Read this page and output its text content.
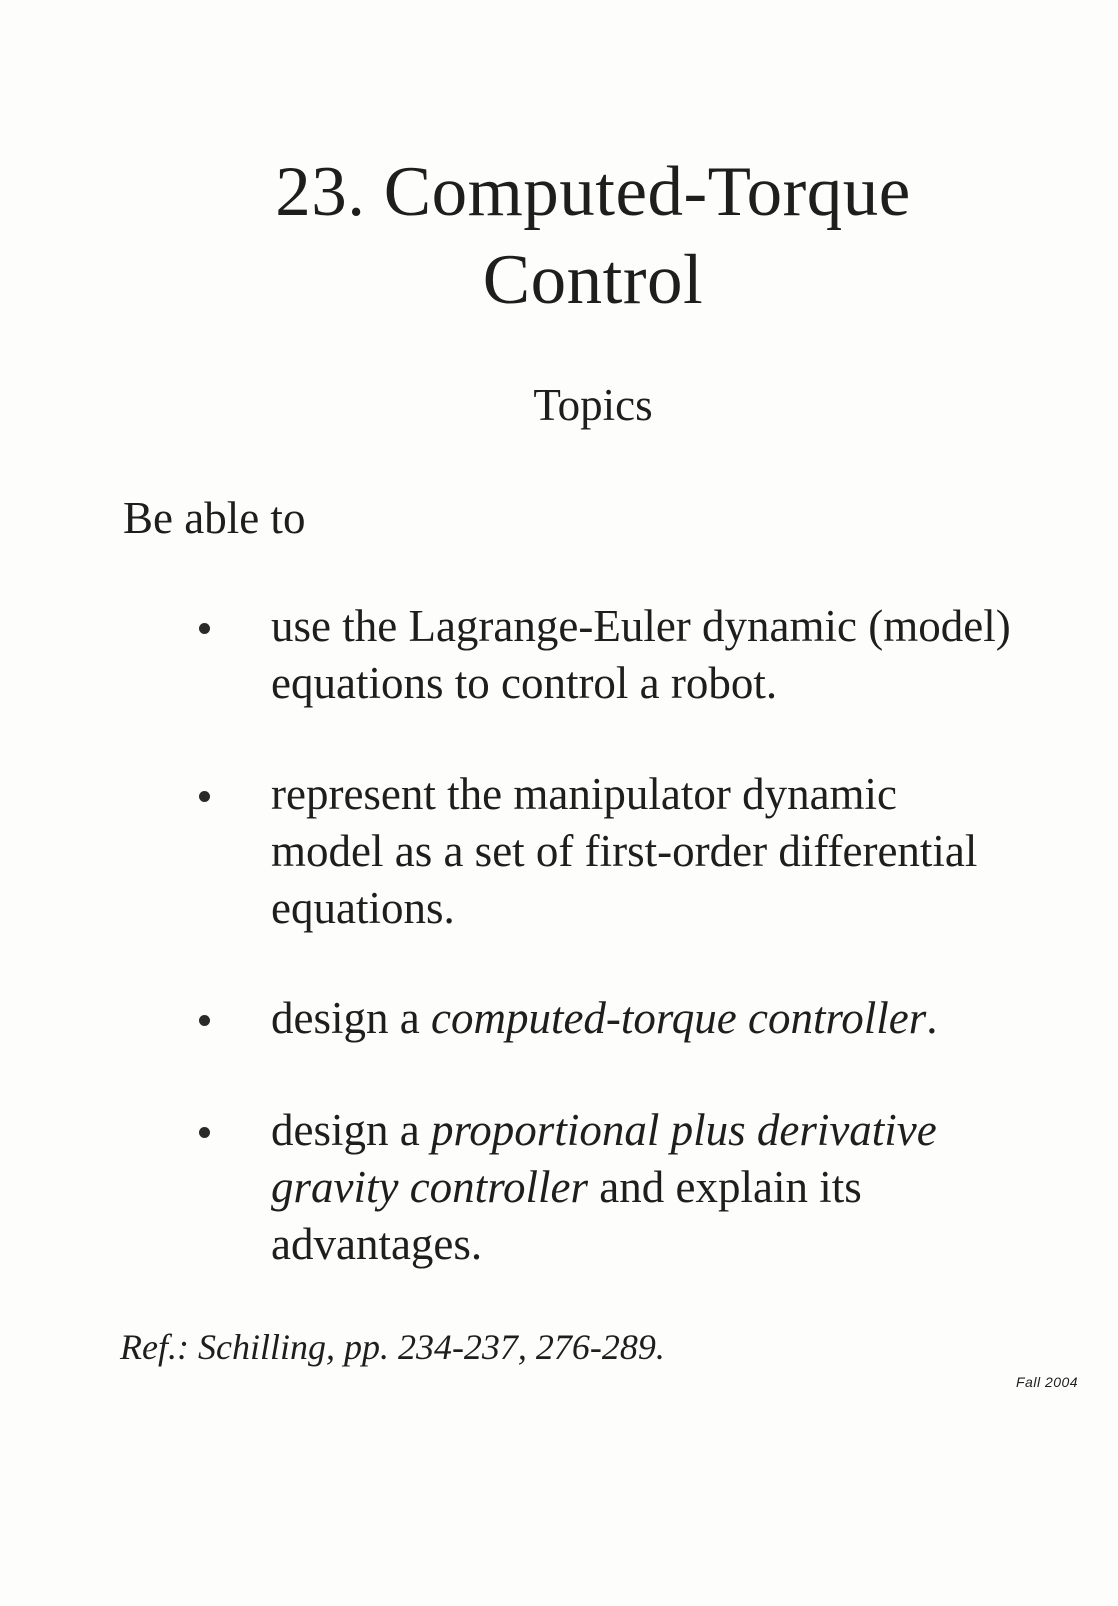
23. Computed-Torque
Control
Topics

Be able to

use the Lagrange-Euler dynamic (model)
equations to control a robot.
represent the manipulator dynamic
model as a set of first-order differential
equations.
design a computed-torque controller.
design a proportional plus derivative
gravity controller and explain its
advantages.

Ref.: Schilling, pp. 234-237, 276-289.

Fall 2004
